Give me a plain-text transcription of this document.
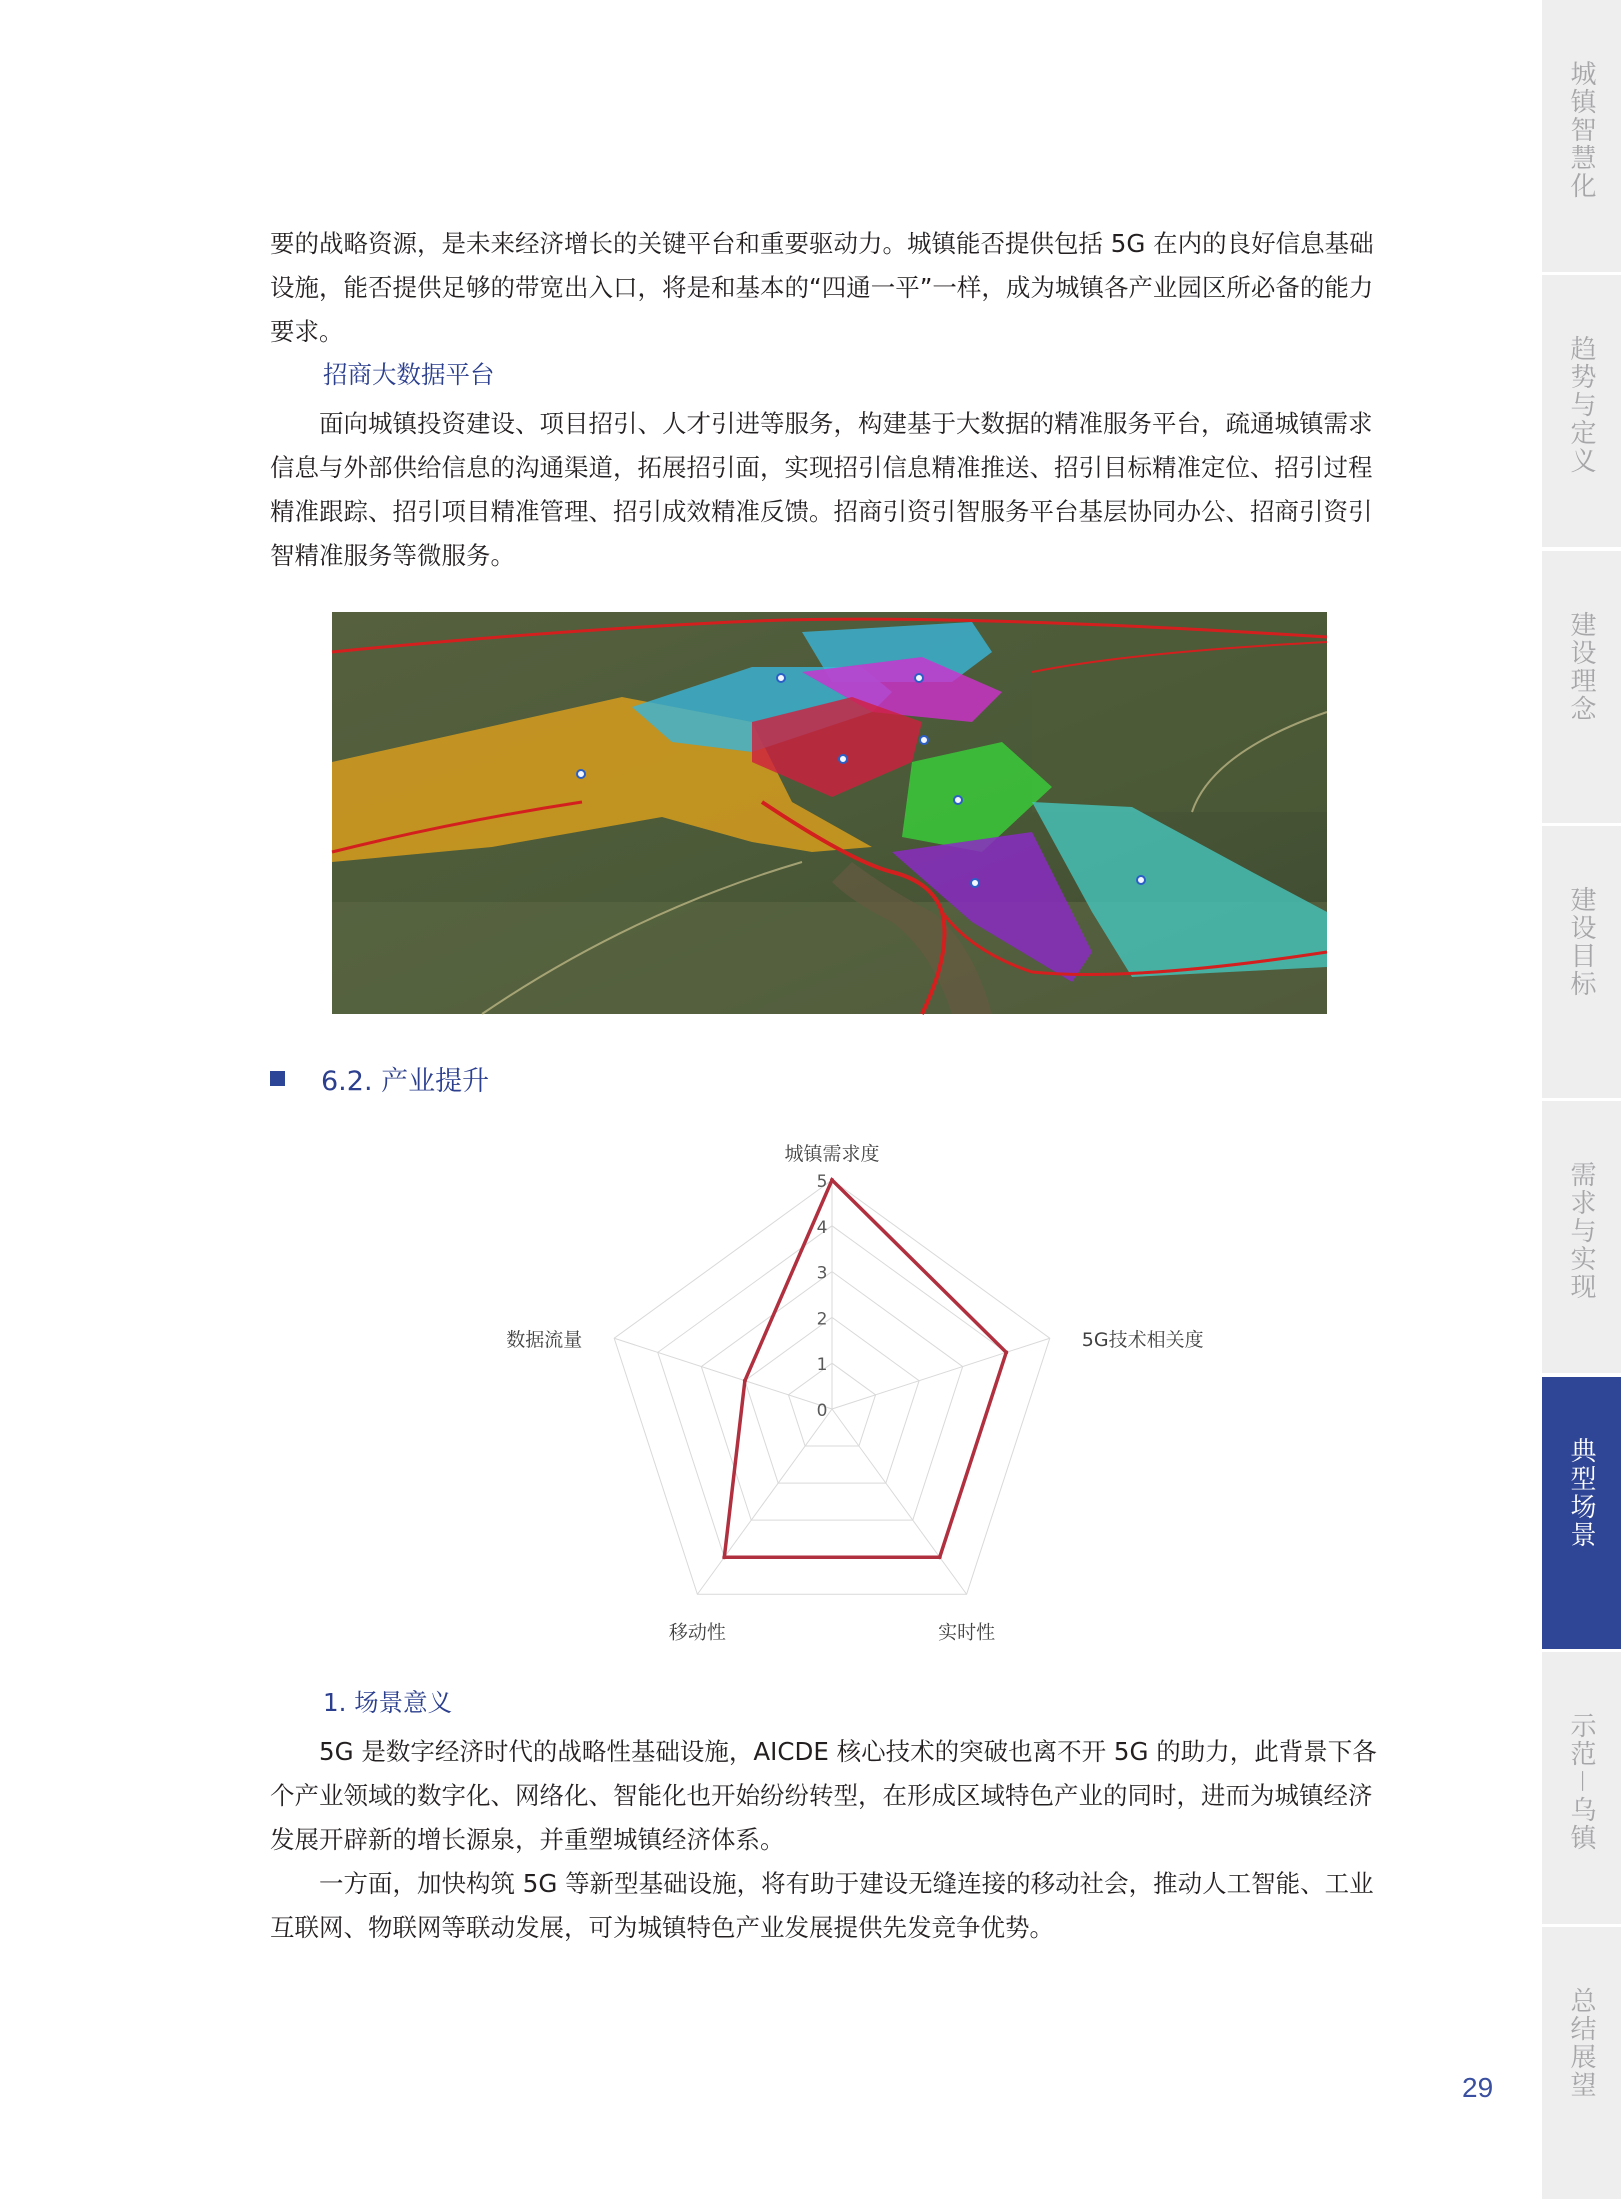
要的战略资源，是未来经济增长的关键平台和重要驱动力。城镇能否提供包括 5G 在内的良好信息基础设施，能否提供足够的带宽出入口，将是和基本的“四通一平”一样，成为城镇各产业园区所必备的能力要求。

招商大数据平台

面向城镇投资建设、项目招引、人才引进等服务，构建基于大数据的精准服务平台，疏通城镇需求信息与外部供给信息的沟通渠道，拓展招引面，实现招引信息精准推送、招引目标精准定位、招引过程精准跟踪、招引项目精准管理、招引成效精准反馈。招商引资引智服务平台基层协同办公、招商引资引智精准服务等微服务。

6.2. 产业提升
0
1
2
3
4
5
城镇需求度
5G技术相关度
实时性
移动性
数据流量

1. 场景意义

5G 是数字经济时代的战略性基础设施，AICDE 核心技术的突破也离不开 5G 的助力，此背景下各个产业领域的数字化、网络化、智能化也开始纷纷转型，在形成区域特色产业的同时，进而为城镇经济发展开辟新的增长源泉，并重塑城镇经济体系。

一方面，加快构筑 5G 等新型基础设施，将有助于建设无缝连接的移动社会，推动人工智能、工业互联网、物联网等联动发展，可为城镇特色产业发展提供先发竞争优势。

29
城镇智慧化
趋势与定义
建设理念
建设目标
需求与实现
典型场景
示范－乌镇
总结展望
